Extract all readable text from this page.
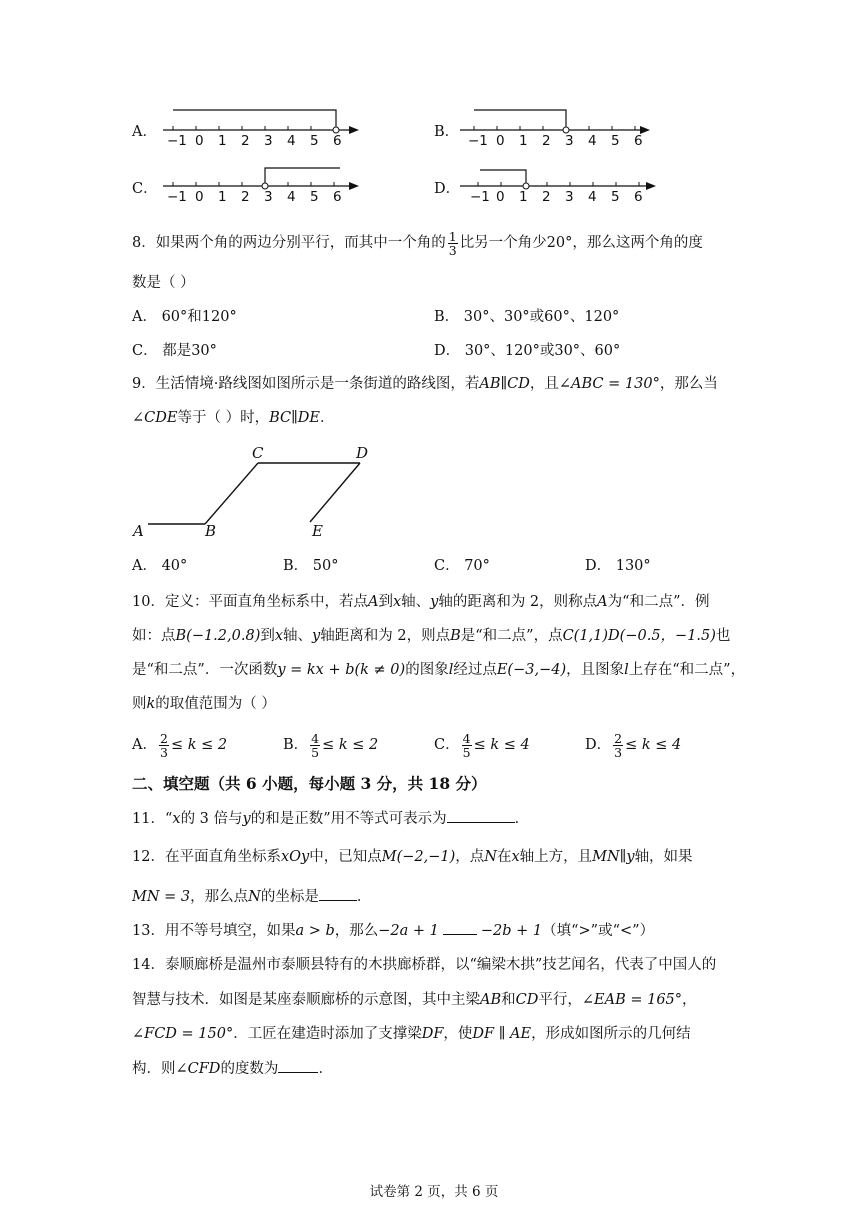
A．
−1 0 1 2 3 4 5 6
B．
−1 0 1 2 3 4 5 6
C． −1 0 1 2 3 4 5 6	D． −1 0 1 2 3 4 5 6
8．如果两个角的两边分别平行，而其中一个角的 $\frac{1}{3}$ 比另一个角少20°，那么这两个角的度
数是（ ）
A． 60°和120°	B． 30°、30°或60°、120°
C． 都是30°	D． 30°、120°或30°、60°
9．生活情境·路线图如图所示是一条街道的路线图，若AB∥CD，且∠ABC = 130°，那么当
∠CDE等于（ ）时，BC∥DE．
A	B
C	D
E
A． 40°	B． 50°	C． 70°	D． 130°
10．定义：平面直角坐标系中，若点A到x轴、y轴的距离和为 2，则称点A为“和二点”．例
如：点B(−1.2,0.8)到x轴、y轴距离和为 2，则点B是“和二点”，点C(1,1)D(−0.5，−1.5)也
是“和二点”．一次函数y = kx + b(k ≠ 0)的图象l经过点E(−3,−4)，且图象l上存在“和二点”，
则k的取值范围为（ ）
A． $\frac{2}{3} \le k \le 2$	B． $\frac{4}{5} \le k \le 2$	C． $\frac{4}{5} \le k \le 4$	D． $\frac{2}{3} \le k \le 4$
二、填空题（共 6 小题，每小题 3 分，共 18 分）
11．“x的 3 倍与y的和是正数”用不等式可表示为	．
12．在平面直角坐标系xOy中，已知点M(−2,−1)，点N在x轴上方，且MN∥y轴，如果
MN = 3，那么点N的坐标是	．
13．用不等号填空，如果a > b，那么−2a + 1	−2b + 1（填“>”或“<”）
14．泰顺廊桥是温州市泰顺县特有的木拱廊桥群，以“编梁木拱”技艺闻名，代表了中国人的
智慧与技术．如图是某座泰顺廊桥的示意图，其中主梁AB和CD平行，∠EAB = 165°，
∠FCD = 150°．工匠在建造时添加了支撑梁DF，使DF ∥ AE，形成如图所示的几何结
构．则∠CFD的度数为	．
试卷第 2 页，共 6 页
